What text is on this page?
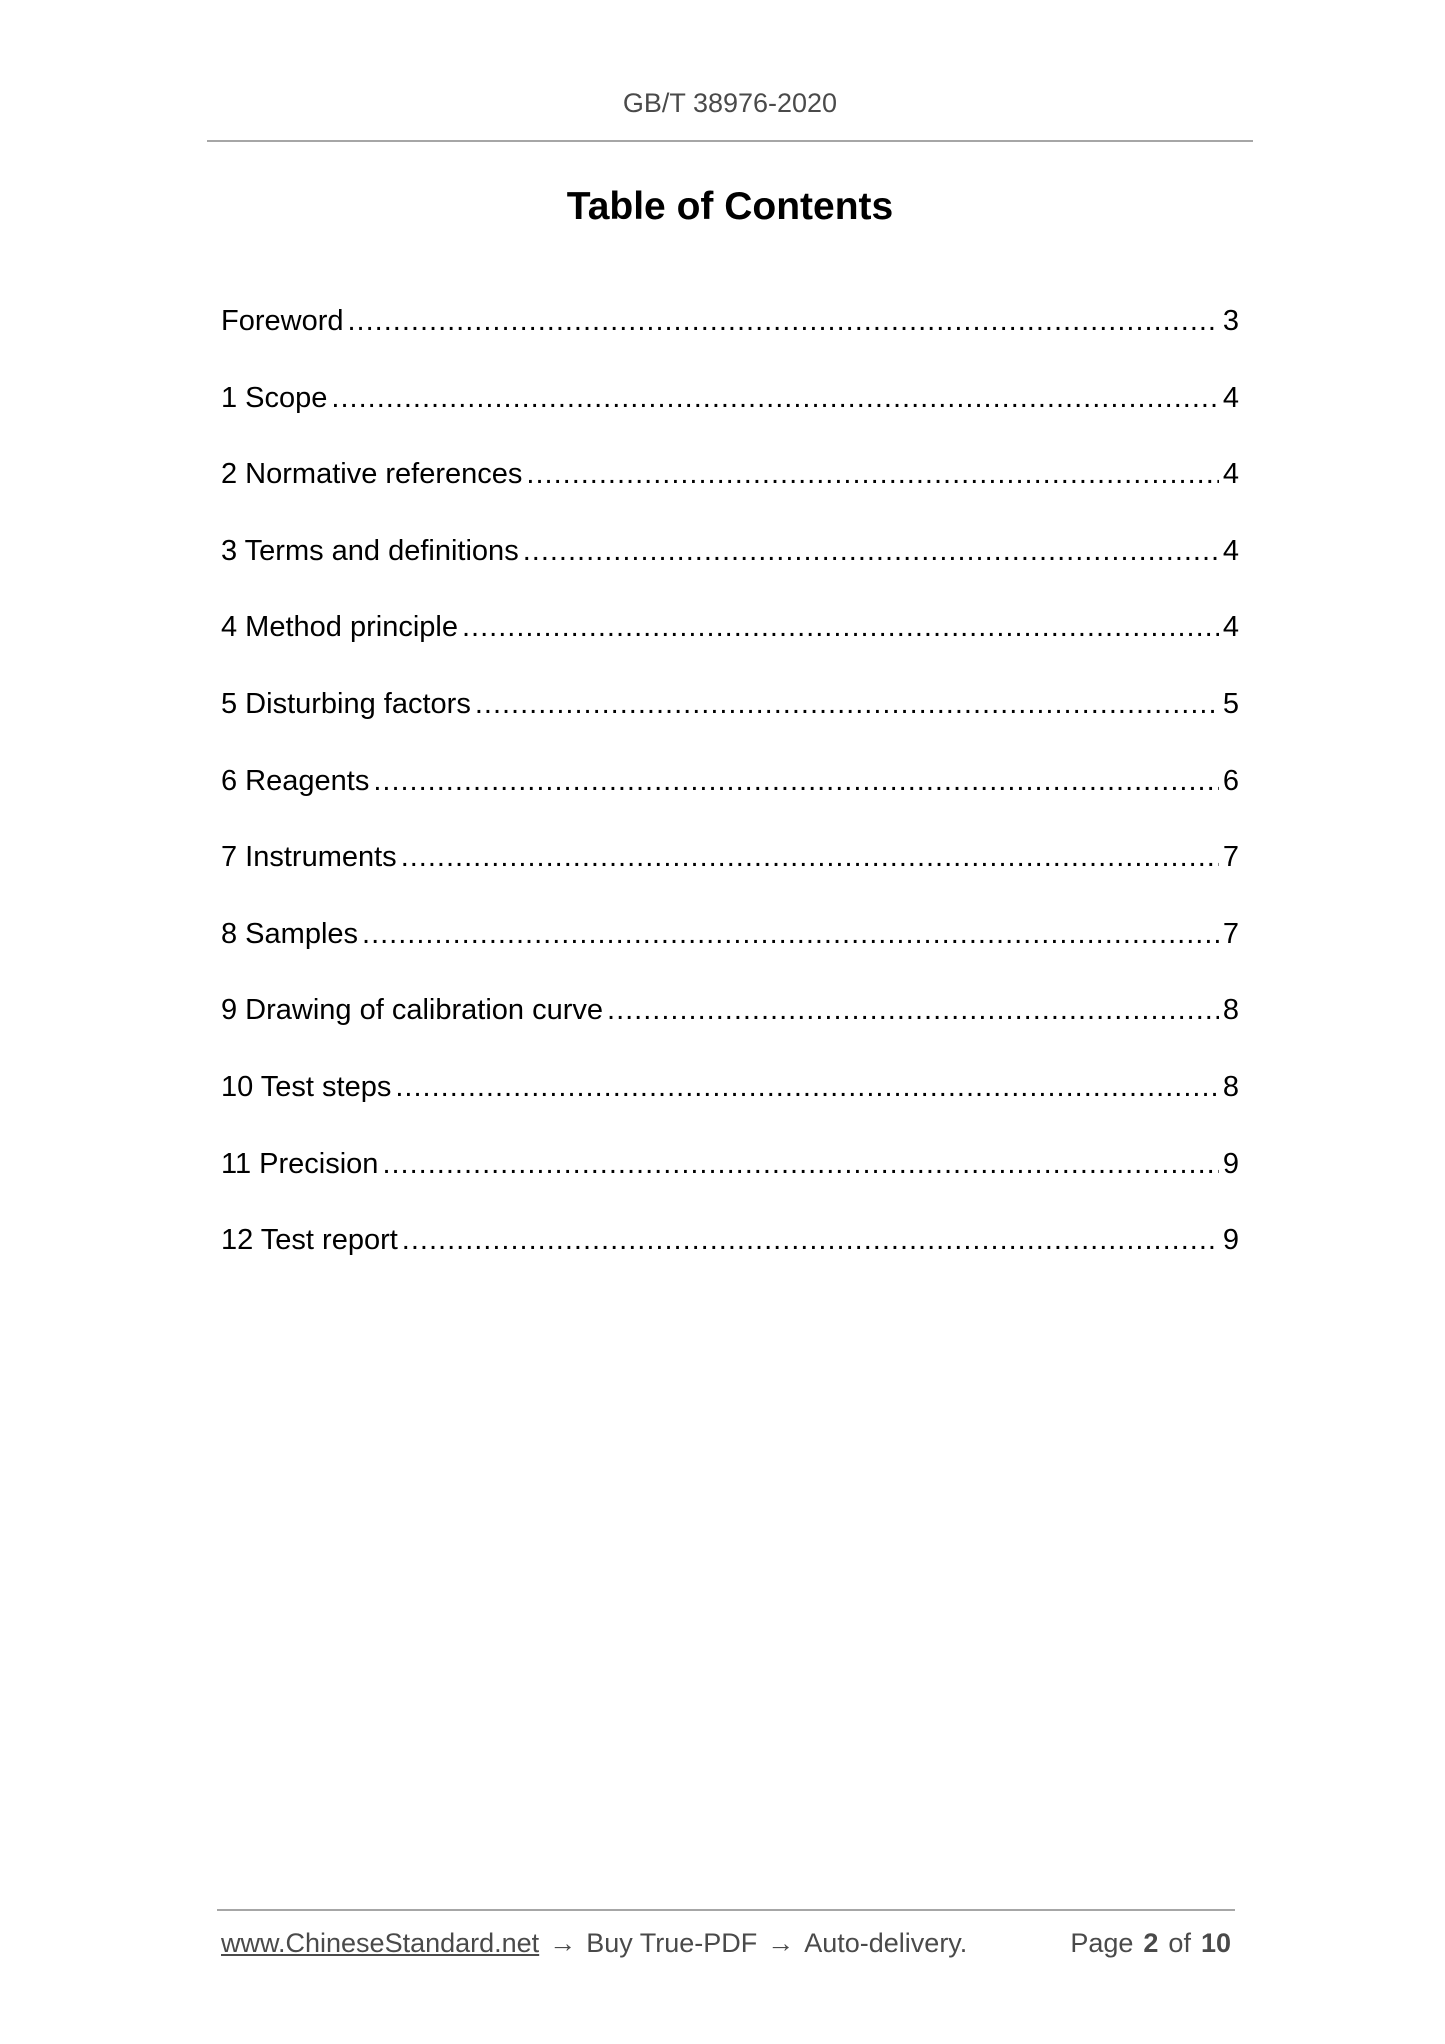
GB/T 38976-2020
Table of Contents
Foreword .....	3
1 Scope .....	4
2 Normative references .....	4
3 Terms and definitions .....	4
4 Method principle .....	4
5 Disturbing factors .....	5
6 Reagents .....	6
7 Instruments .....	7
8 Samples .....	7
9 Drawing of calibration curve .....	8
10 Test steps .....	8
11 Precision .....	9
12 Test report .....	9
www.ChineseStandard.net → Buy True-PDF → Auto-delivery.	Page 2 of 10
